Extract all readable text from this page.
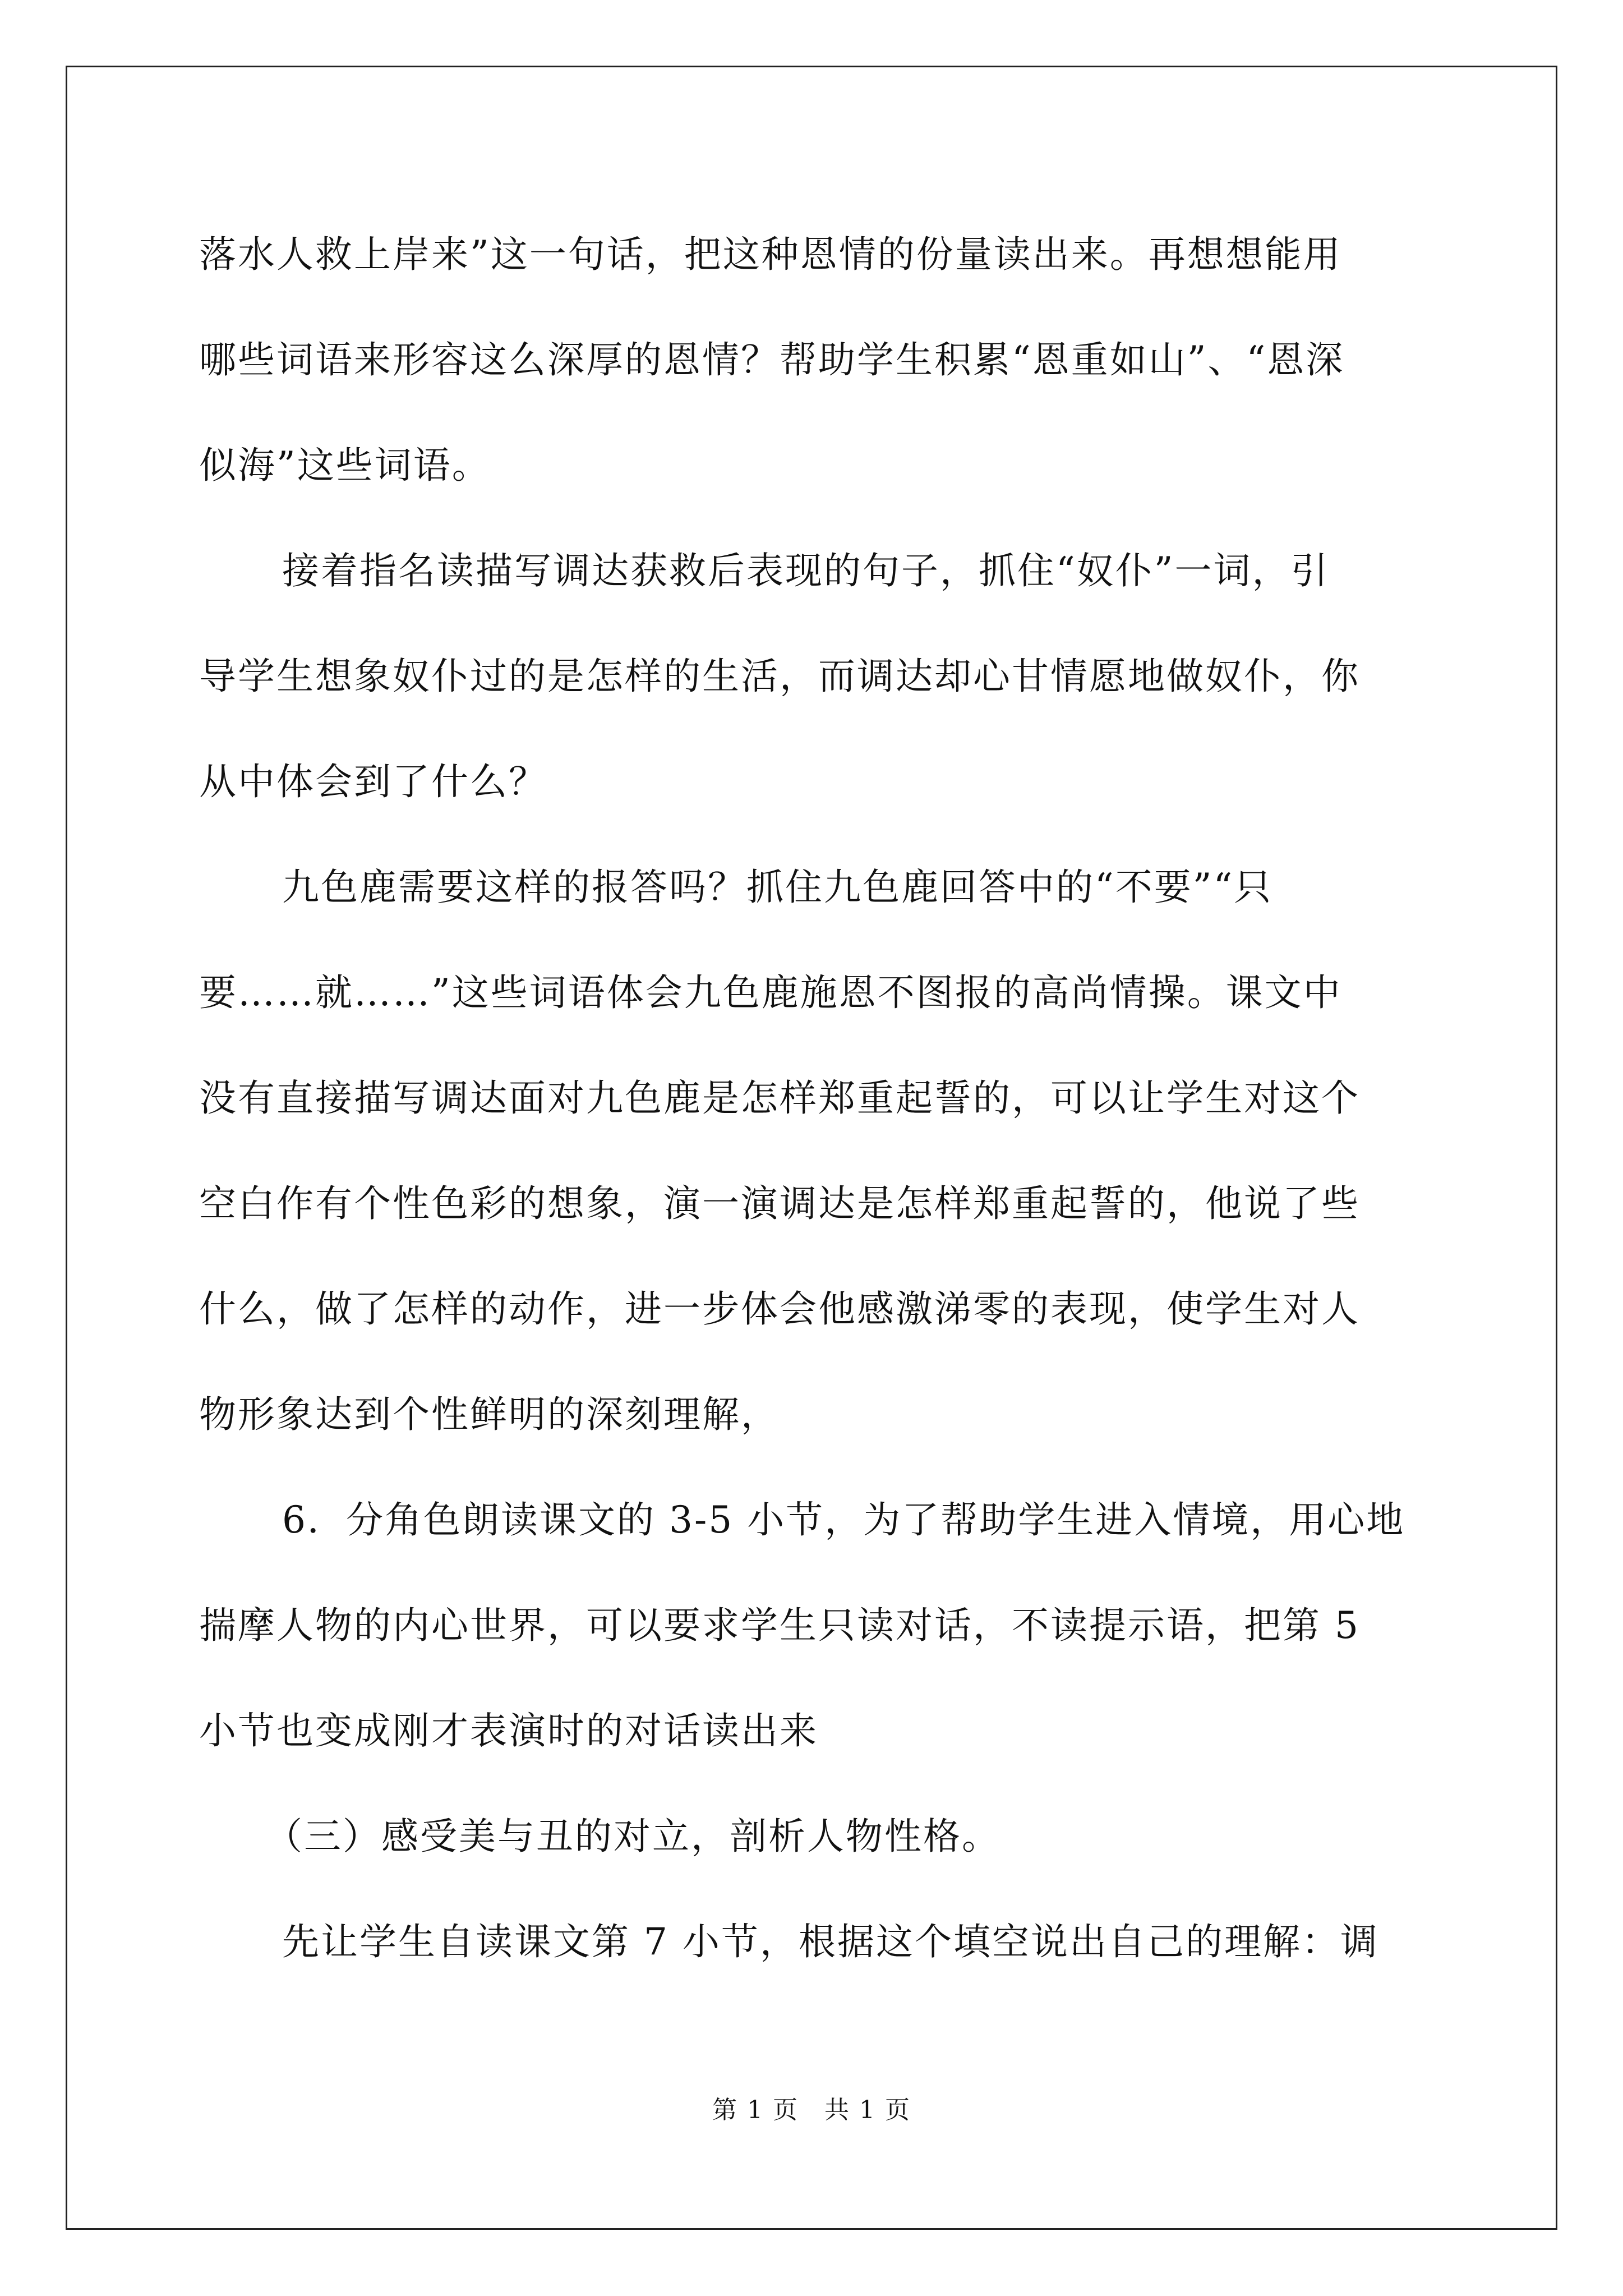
落水人救上岸来”这一句话，把这种恩情的份量读出来。再想想能用
哪些词语来形容这么深厚的恩情？帮助学生积累“恩重如山”、“恩深
似海”这些词语。

接着指名读描写调达获救后表现的句子，抓住“奴仆”一词，引
导学生想象奴仆过的是怎样的生活，而调达却心甘情愿地做奴仆，你
从中体会到了什么？

九色鹿需要这样的报答吗？抓住九色鹿回答中的“不要”“只
要……就……”这些词语体会九色鹿施恩不图报的高尚情操。课文中
没有直接描写调达面对九色鹿是怎样郑重起誓的，可以让学生对这个
空白作有个性色彩的想象，演一演调达是怎样郑重起誓的，他说了些
什么，做了怎样的动作，进一步体会他感激涕零的表现，使学生对人
物形象达到个性鲜明的深刻理解，

6．分角色朗读课文的 3-5 小节，为了帮助学生进入情境，用心地
揣摩人物的内心世界，可以要求学生只读对话，不读提示语，把第 5
小节也变成刚才表演时的对话读出来

（三）感受美与丑的对立，剖析人物性格。

先让学生自读课文第 7 小节，根据这个填空说出自己的理解：调

第 1 页　共 1 页
